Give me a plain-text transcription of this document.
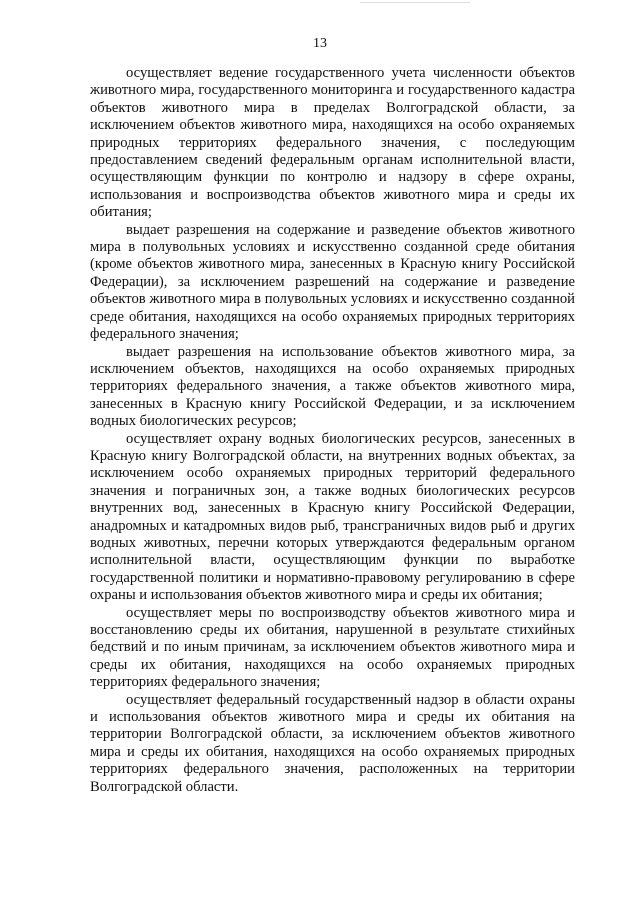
13

осуществляет ведение государственного учета численности объектов животного мира, государственного мониторинга и государственного кадастра объектов животного мира в пределах Волгоградской области, за исключением объектов животного мира, находящихся на особо охраняемых природных территориях федерального значения, с последующим предоставлением сведений федеральным органам исполнительной власти, осуществляющим функции по контролю и надзору в сфере охраны, использования и воспроизводства объектов животного мира и среды их обитания;

выдает разрешения на содержание и разведение объектов животного мира в полувольных условиях и искусственно созданной среде обитания (кроме объектов животного мира, занесенных в Красную книгу Российской Федерации), за исключением разрешений на содержание и разведение объектов животного мира в полувольных условиях и искусственно созданной среде обитания, находящихся на особо охраняемых природных территориях федерального значения;

выдает разрешения на использование объектов животного мира, за исключением объектов, находящихся на особо охраняемых природных территориях федерального значения, а также объектов животного мира, занесенных в Красную книгу Российской Федерации, и за исключением водных биологических ресурсов;

осуществляет охрану водных биологических ресурсов, занесенных в Красную книгу Волгоградской области, на внутренних водных объектах, за исключением особо охраняемых природных территорий федерального значения и пограничных зон, а также водных биологических ресурсов внутренних вод, занесенных в Красную книгу Российской Федерации, анадромных и катадромных видов рыб, трансграничных видов рыб и других водных животных, перечни которых утверждаются федеральным органом исполнительной власти, осуществляющим функции по выработке государственной политики и нормативно-правовому регулированию в сфере охраны и использования объектов животного мира и среды их обитания;

осуществляет меры по воспроизводству объектов животного мира и восстановлению среды их обитания, нарушенной в результате стихийных бедствий и по иным причинам, за исключением объектов животного мира и среды их обитания, находящихся на особо охраняемых природных территориях федерального значения;

осуществляет федеральный государственный надзор в области охраны и использования объектов животного мира и среды их обитания на территории Волгоградской области, за исключением объектов животного мира и среды их обитания, находящихся на особо охраняемых природных территориях федерального значения, расположенных на территории Волгоградской области.
